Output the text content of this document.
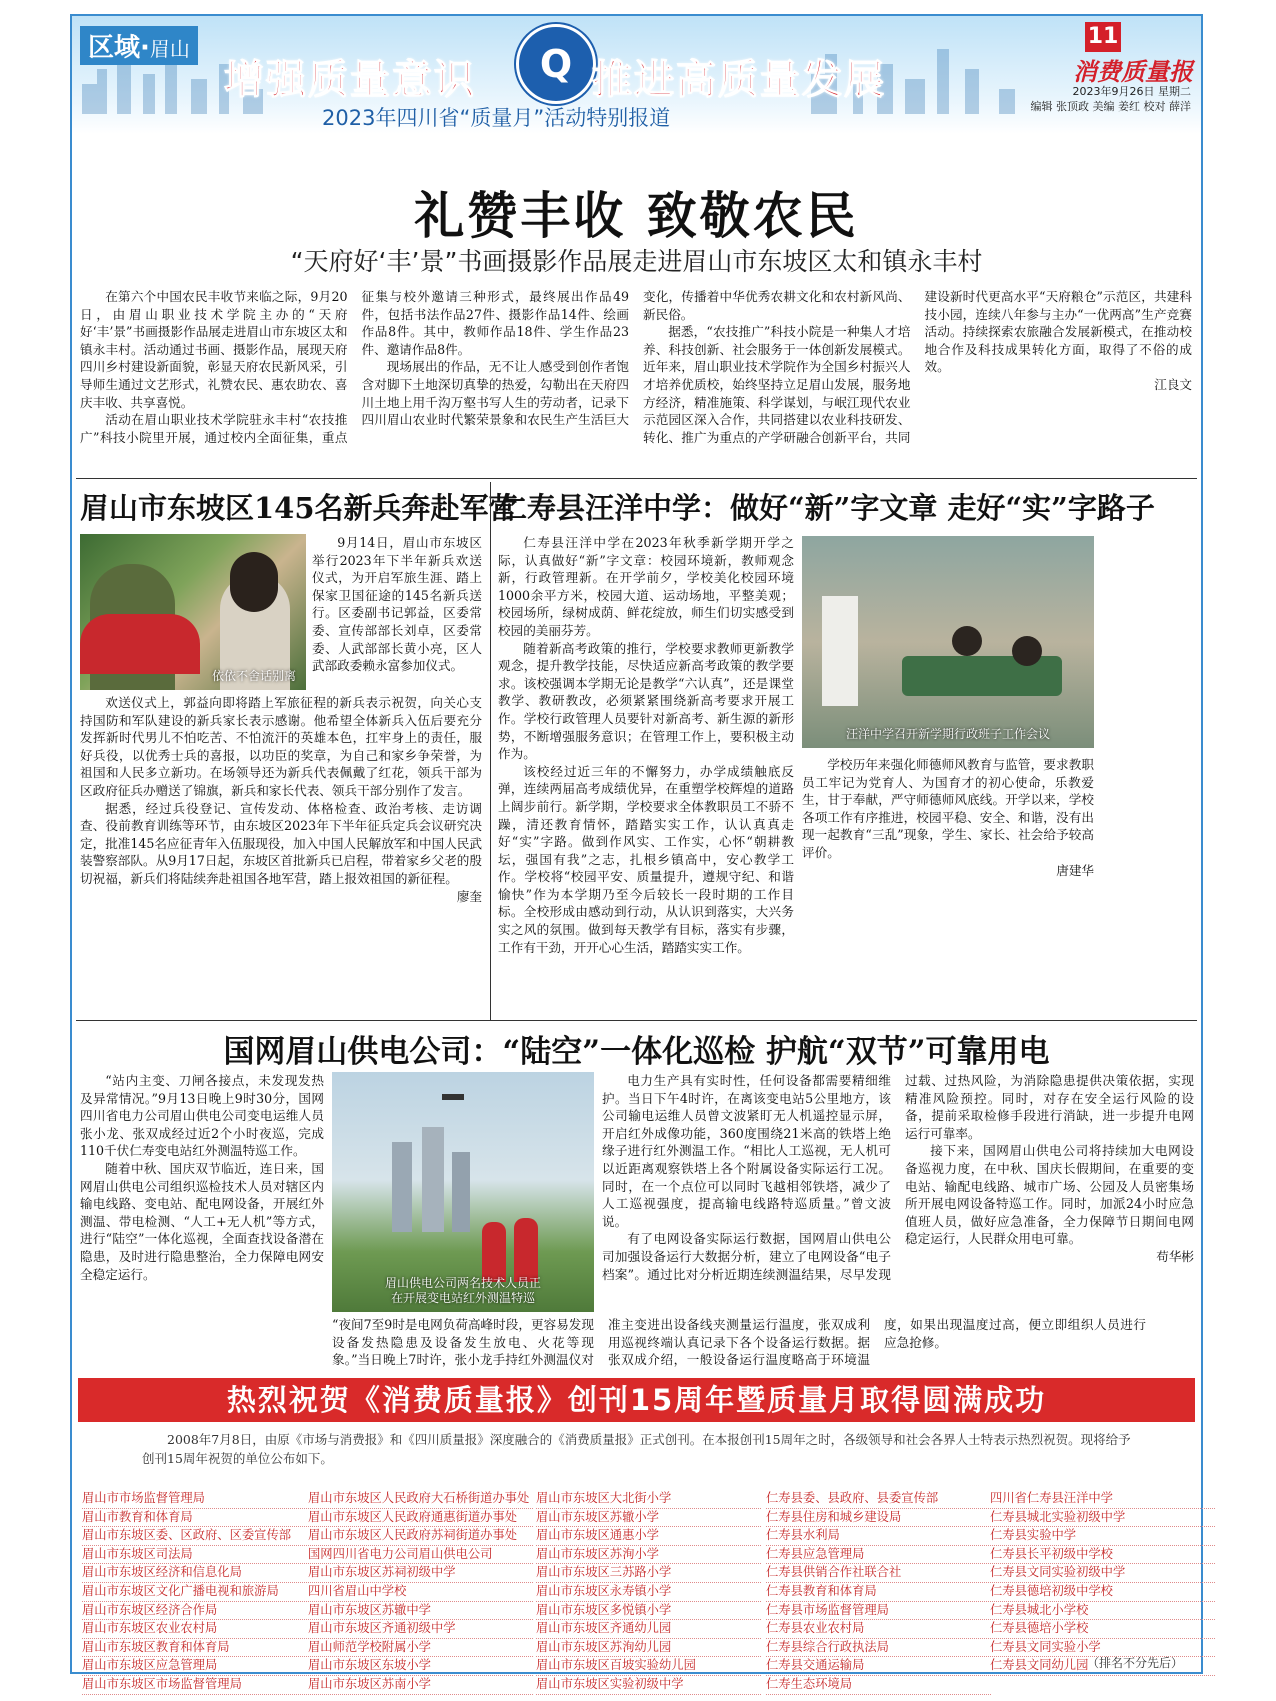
区域·眉山
增强质量意识	Q 推进高质量发展
2023年四川省“质量月”活动特别报道
11
消费质量报
2023年9月26日 星期二
编辑 张顶政 美编 姜红 校对 薛洋
礼赞丰收 致敬农民
“天府好‘丰’景”书画摄影作品展走进眉山市东坡区太和镇永丰村

在第六个中国农民丰收节来临之际，9月20日，由眉山职业技术学院主办的“天府好‘丰’景”书画摄影作品展走进眉山市东坡区太和镇永丰村。活动通过书画、摄影作品，展现天府四川乡村建设新面貌，彰显天府农民新风采，引导师生通过文艺形式，礼赞农民、惠农助农、喜庆丰收、共享喜悦。

活动在眉山职业技术学院驻永丰村“农技推广”科技小院里开展，通过校内全面征集，重点征集与校外邀请三种形式，最终展出作品49件，包括书法作品27件、摄影作品14件、绘画作品8件。其中，教师作品18件、学生作品23件、邀请作品8件。

现场展出的作品，无不让人感受到创作者饱含对脚下土地深切真挚的热爱，勾勒出在天府四川土地上用千沟万壑书写人生的劳动者，记录下四川眉山农业时代繁荣景象和农民生产生活巨大变化，传播着中华优秀农耕文化和农村新风尚、新民俗。

据悉，“农技推广”科技小院是一种集人才培养、科技创新、社会服务于一体创新发展模式。近年来，眉山职业技术学院作为全国乡村振兴人才培养优质校，始终坚持立足眉山发展，服务地方经济，精准施策、科学谋划，与岷江现代农业示范园区深入合作，共同搭建以农业科技研发、转化、推广为重点的产学研融合创新平台，共同建设新时代更高水平“天府粮仓”示范区，共建科技小园，连续八年参与主办“一优两高”生产竞赛活动。持续探索农旅融合发展新模式，在推动校地合作及科技成果转化方面，取得了不俗的成效。

江良文

眉山市东坡区145名新兵奔赴军营
依依不舍话别离

9月14日，眉山市东坡区举行2023年下半年新兵欢送仪式，为开启军旅生涯、踏上保家卫国征途的145名新兵送行。区委副书记郭益，区委常委、宣传部部长刘卓，区委常委、人武部部长黄小亮，区人武部政委赖永富参加仪式。

欢送仪式上，郭益向即将踏上军旅征程的新兵表示祝贺，向关心支持国防和军队建设的新兵家长表示感谢。他希望全体新兵入伍后要充分发挥新时代男儿不怕吃苦、不怕流汗的英雄本色，扛牢身上的责任，服好兵役，以优秀士兵的喜报，以功臣的奖章，为自己和家乡争荣誉，为祖国和人民多立新功。在场领导还为新兵代表佩戴了红花，领兵干部为区政府征兵办赠送了锦旗，新兵和家长代表、领兵干部分别作了发言。

据悉，经过兵役登记、宣传发动、体格检查、政治考核、走访调查、役前教育训练等环节，由东坡区2023年下半年征兵定兵会议研究决定，批准145名应征青年入伍服现役，加入中国人民解放军和中国人民武装警察部队。从9月17日起，东坡区首批新兵已启程，带着家乡父老的殷切祝福，新兵们将陆续奔赴祖国各地军营，踏上报效祖国的新征程。

廖奎

仁寿县汪洋中学：做好“新”字文章 走好“实”字路子

仁寿县汪洋中学在2023年秋季新学期开学之际，认真做好“新”字文章：校园环境新，教师观念新，行政管理新。在开学前夕，学校美化校园环境1000余平方米，校园大道、运动场地，平整美观；校园场所，绿树成荫、鲜花绽放，师生们切实感受到校园的美丽芬芳。

随着新高考政策的推行，学校要求教师更新教学观念，提升教学技能，尽快适应新高考政策的教学要求。该校强调本学期无论是教学“六认真”，还是课堂教学、教研教改，必须紧紧围绕新高考要求开展工作。学校行政管理人员要针对新高考、新生源的新形势，不断增强服务意识；在管理工作上，要积极主动作为。

该校经过近三年的不懈努力，办学成绩触底反弹，连续两届高考成绩优异，在重塑学校辉煌的道路上阔步前行。新学期，学校要求全体教职员工不骄不躁，清还教育情怀，踏踏实实工作，认认真真走好“实”字路。做到作风实、工作实，心怀“朝耕教坛，强国有我”之志，扎根乡镇高中，安心教学工作。学校将“校园平安、质量提升，遵规守纪、和谐愉快”作为本学期乃至今后较长一段时期的工作目标。全校形成由感动到行动，从认识到落实，大兴务实之风的氛围。做到每天教学有目标，落实有步骤，工作有干劲，开开心心生活，踏踏实实工作。

汪洋中学召开新学期行政班子工作会议

学校历年来强化师德师风教育与监管，要求教职员工牢记为党育人、为国育才的初心使命，乐教爱生，甘于奉献，严守师德师风底线。开学以来，学校各项工作有序推进，校园平稳、安全、和谐，没有出现一起教育“三乱”现象，学生、家长、社会给予较高评价。

唐建华

国网眉山供电公司：“陆空”一体化巡检 护航“双节”可靠用电

“站内主变、刀闸各接点，未发现发热及异常情况。”9月13日晚上9时30分，国网四川省电力公司眉山供电公司变电运维人员张小龙、张双成经过近2个小时夜巡，完成110千伏仁寿变电站红外测温特巡工作。

随着中秋、国庆双节临近，连日来，国网眉山供电公司组织巡检技术人员对辖区内输电线路、变电站、配电网设备，开展红外测温、带电检测、“人工+无人机”等方式，进行“陆空”一体化巡视，全面查找设备潜在隐患，及时进行隐患整治，全力保障电网安全稳定运行。

眉山供电公司两名技术人员正
在开展变电站红外测温特巡

“夜间7至9时是电网负荷高峰时段，更容易发现设备发热隐患及设备发生放电、火花等现象。”当日晚上7时许，张小龙手持红外测温仪对准主变进出设备线夹测量运行温度，张双成利用巡视终端认真记录下各个设备运行数据。据张双成介绍，一般设备运行温度略高于环境温度，如果出现温度过高，便立即组织人员进行应急抢修。

电力生产具有实时性，任何设备都需要精细维护。当日下午4时许，在离该变电站5公里地方，该公司输电运维人员曾文波紧盯无人机遥控显示屏，开启红外成像功能，360度围绕21米高的铁塔上绝缘子进行红外测温工作。“相比人工巡视，无人机可以近距离观察铁塔上各个附属设备实际运行工况。同时，在一个点位可以同时飞越相邻铁塔，减少了人工巡视强度，提高输电线路特巡质量。”曾文波说。

有了电网设备实际运行数据，国网眉山供电公司加强设备运行大数据分析，建立了电网设备“电子档案”。通过比对分析近期连续测温结果，尽早发现过载、过热风险，为消除隐患提供决策依据，实现精准风险预控。同时，对存在安全运行风险的设备，提前采取检修手段进行消缺，进一步提升电网运行可靠率。

接下来，国网眉山供电公司将持续加大电网设备巡视力度，在中秋、国庆长假期间，在重要的变电站、输配电线路、城市广场、公园及人员密集场所开展电网设备特巡工作。同时，加派24小时应急值班人员，做好应急准备，全力保障节日期间电网稳定运行，人民群众用电可靠。

苟华彬

热烈祝贺《消费质量报》创刊15周年暨质量月取得圆满成功
2008年7月8日，由原《市场与消费报》和《四川质量报》深度融合的《消费质量报》正式创刊。在本报创刊15周年之时，各级领导和社会各界人士特表示热烈祝贺。现将给予创刊15周年祝贺的单位公布如下。
眉山市市场监督管理局
眉山市教育和体育局
眉山市东坡区委、区政府、区委宣传部
眉山市东坡区司法局
眉山市东坡区经济和信息化局
眉山市东坡区文化广播电视和旅游局
眉山市东坡区经济合作局
眉山市东坡区农业农村局
眉山市东坡区教育和体育局
眉山市东坡区应急管理局
眉山市东坡区市场监督管理局
眉山市东坡区人民政府大石桥街道办事处
眉山市东坡区人民政府通惠街道办事处
眉山市东坡区人民政府苏祠街道办事处
国网四川省电力公司眉山供电公司
眉山市东坡区苏祠初级中学
四川省眉山中学校
眉山市东坡区苏辙中学
眉山市东坡区齐通初级中学
眉山师范学校附属小学
眉山市东坡区东坡小学
眉山市东坡区苏南小学
眉山市东坡区大北街小学
眉山市东坡区苏辙小学
眉山市东坡区通惠小学
眉山市东坡区苏洵小学
眉山市东坡区三苏路小学
眉山市东坡区永寿镇小学
眉山市东坡区多悦镇小学
眉山市东坡区齐通幼儿园
眉山市东坡区苏洵幼儿园
眉山市东坡区百坡实验幼儿园
眉山市东坡区实验初级中学
仁寿县委、县政府、县委宣传部
仁寿县住房和城乡建设局
仁寿县水利局
仁寿县应急管理局
仁寿县供销合作社联合社
仁寿县教育和体育局
仁寿县市场监督管理局
仁寿县农业农村局
仁寿县综合行政执法局
仁寿县交通运输局
仁寿生态环境局
四川省仁寿县汪洋中学
仁寿县城北实验初级中学
仁寿县实验中学
仁寿县长平初级中学校
仁寿县文同实验初级中学
仁寿县德培初级中学校
仁寿县城北小学校
仁寿县德培小学校
仁寿县文同实验小学
仁寿县文同幼儿园
（排名不分先后）
